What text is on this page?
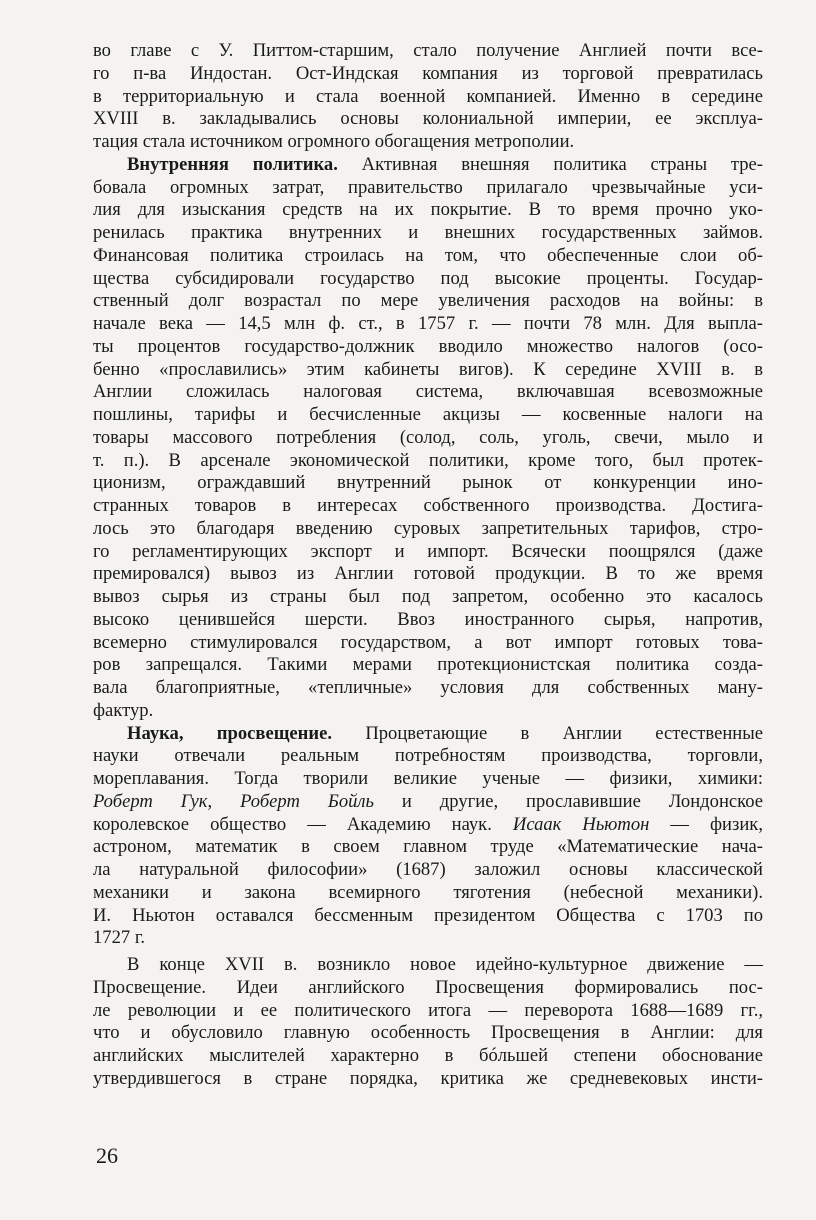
во главе с У. Питтом-старшим, стало получение Англией почти все-
го п-ва Индостан. Ост-Индская компания из торговой превратилась
в территориальную и стала военной компанией. Именно в середине
XVIII в. закладывались основы колониальной империи, ее эксплуа-
тация стала источником огромного обогащения метрополии.
Внутренняя политика. Активная внешняя политика страны тре-
бовала огромных затрат, правительство прилагало чрезвычайные уси-
лия для изыскания средств на их покрытие. В то время прочно укo-
ренилась практика внутренних и внешних государственных займов.
Финансовая политика строилась на том, что обеспеченные слои об-
щества субсидировали государство под высокие проценты. Государ-
ственный долг возрастал по мере увеличения расходов на войны: в
начале века — 14,5 млн ф. ст., в 1757 г. — почти 78 млн. Для выпла-
ты процентов государство-должник вводило множество налогов (осо-
бенно «прославились» этим кабинеты вигов). К середине XVIII в. в
Англии сложилась налоговая система, включавшая всевозможные
пошлины, тарифы и бесчисленные акцизы — косвенные налоги на
товары массового потребления (солод, соль, уголь, свечи, мыло и
т. п.). В арсенале экономической политики, кроме того, был протек-
ционизм, ограждавший внутренний рынок от конкуренции ино-
странных товаров в интересах собственного производства. Достига-
лось это благодаря введению суровых запретительных тарифов, стро-
го регламентирующих экспорт и импорт. Всячески поощрялся (даже
премировался) вывоз из Англии готовой продукции. В то же время
вывоз сырья из страны был под запретом, особенно это касалось
высоко ценившейся шерсти. Ввоз иностранного сырья, напротив,
всемерно стимулировался государством, а вот импорт готовых това-
ров запрещался. Такими мерами протекционистская политика созда-
вала благоприятные, «тепличные» условия для собственных ману-
фактур.
Наука, просвещение. Процветающие в Англии естественные
науки отвечали реальным потребностям производства, торговли,
мореплавания. Тогда творили великие ученые — физики, химики:
Роберт Гук, Роберт Бойль и другие, прославившие Лондонское
королевское общество — Академию наук. Исаак Ньютон — физик,
астроном, математик в своем главном труде «Математические нача-
ла натуральной философии» (1687) заложил основы классической
механики и закона всемирного тяготения (небесной механики).
И. Ньютон оставался бессменным президентом Общества с 1703 по
1727 г.
В конце XVII в. возникло новое идейно-культурное движение —
Просвещение. Идеи английского Просвещения формировались пос-
ле революции и ее политического итога — переворота 1688—1689 гг.,
что и обусловило главную особенность Просвещения в Англии: для
английских мыслителей характерно в бóльшей степени обоснование
утвердившегося в стране порядка, критика же средневековых инсти-
26
